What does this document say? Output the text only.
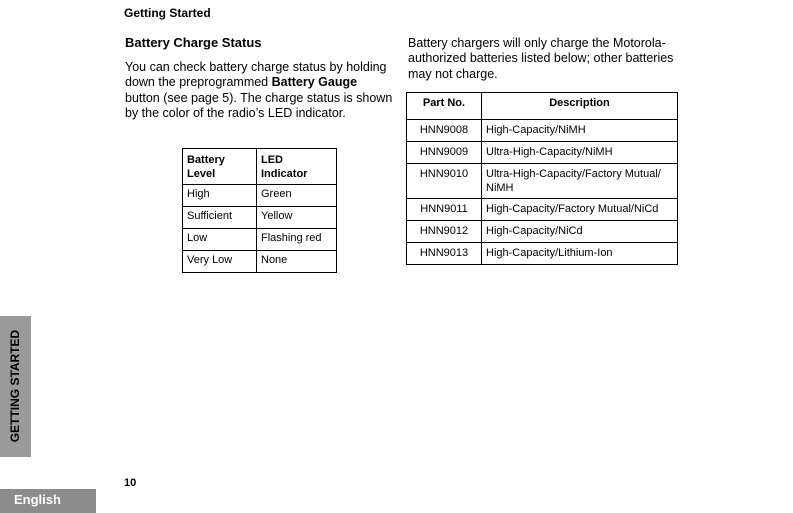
Getting Started
Battery Charge Status
You can check battery charge status by holding down the preprogrammed Battery Gauge button (see page 5). The charge status is shown by the color of the radio’s LED indicator.
Battery Level	LED Indicator
High	Green
Sufficient	Yellow
Low	Flashing red
Very Low	None
Battery chargers will only charge the Motorola-authorized batteries listed below; other batteries may not charge.
Part No.	Description
HNN9008	High-Capacity/NiMH
HNN9009	Ultra-High-Capacity/NiMH
HNN9010	Ultra-High-Capacity/Factory Mutual/ NiMH
HNN9011	High-Capacity/Factory Mutual/NiCd
HNN9012	High-Capacity/NiCd
HNN9013	High-Capacity/Lithium-Ion
GETTING STARTED
10
English
